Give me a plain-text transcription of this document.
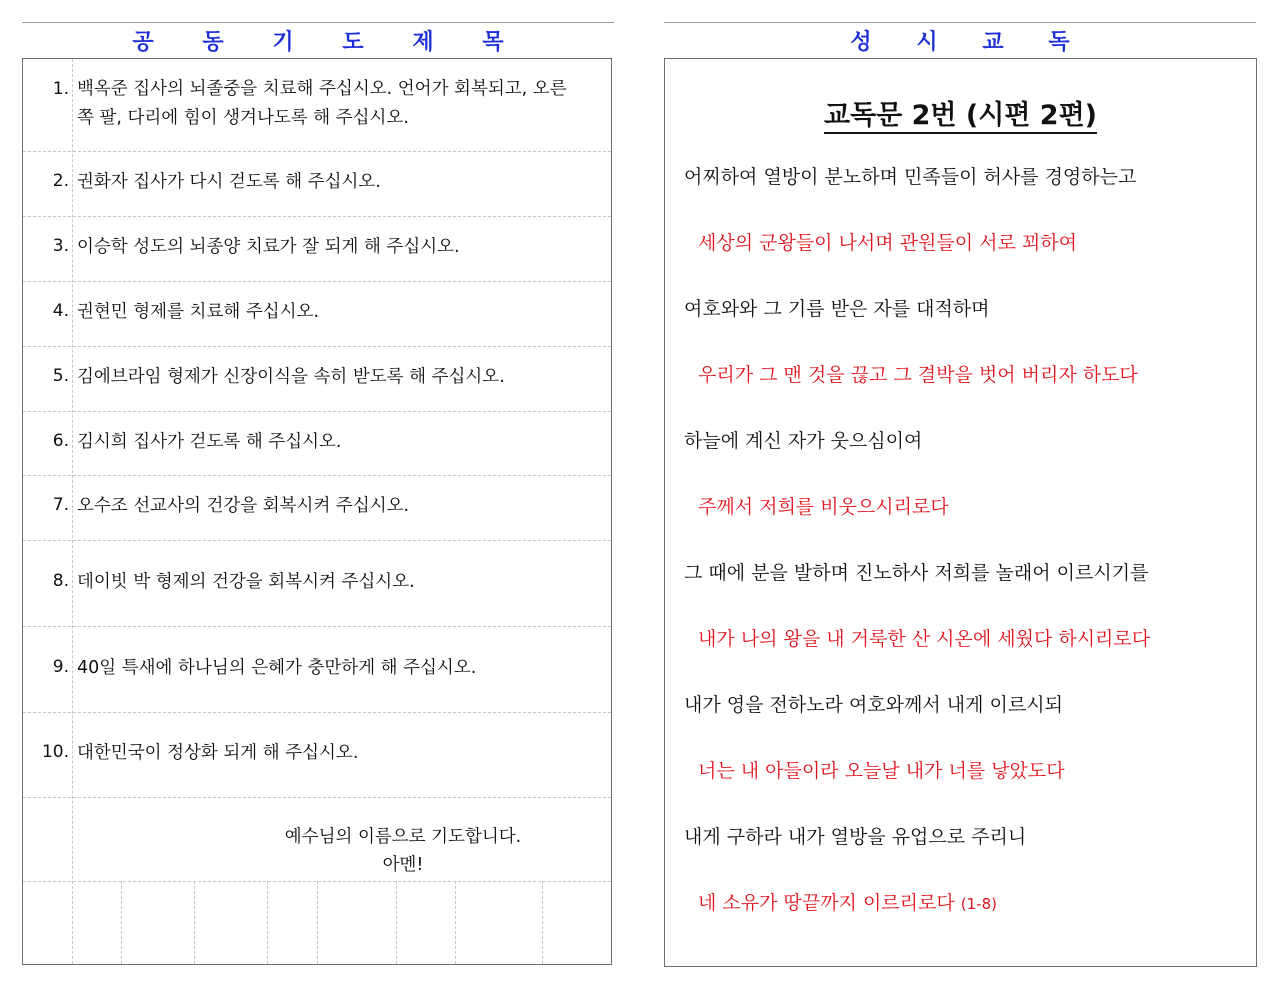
공	동	기	도	제	목
1. 백옥준 집사의 뇌졸중을 치료해 주십시오. 언어가 회복되고, 오른쪽 팔, 다리에 힘이 생겨나도록 해 주십시오.
2. 권화자 집사가 다시 걷도록 해 주십시오.
3. 이승학 성도의 뇌종양 치료가 잘 되게 해 주십시오.
4. 권현민 형제를 치료해 주십시오.
5. 김에브라임 형제가 신장이식을 속히 받도록 해 주십시오.
6. 김시희 집사가 걷도록 해 주십시오.
7. 오수조 선교사의 건강을 회복시켜 주십시오.
8. 데이빗 박 형제의 건강을 회복시켜 주십시오.
9. 40일 특새에 하나님의 은혜가 충만하게 해 주십시오.
10. 대한민국이 정상화 되게 해 주십시오.
예수님의 이름으로 기도합니다.
아멘!
성	시	교	독
교독문 2번 (시편 2편)
어찌하여 열방이 분노하며 민족들이 허사를 경영하는고
세상의 군왕들이 나서며 관원들이 서로 꾀하여
여호와와 그 기름 받은 자를 대적하며
우리가 그 맨 것을 끊고 그 결박을 벗어 버리자 하도다
하늘에 계신 자가 웃으심이여
주께서 저희를 비웃으시리로다
그 때에 분을 발하며 진노하사 저희를 놀래어 이르시기를
내가 나의 왕을 내 거룩한 산 시온에 세웠다 하시리로다
내가 영을 전하노라 여호와께서 내게 이르시되
너는 내 아들이라 오늘날 내가 너를 낳았도다
내게 구하라 내가 열방을 유업으로 주리니
네 소유가 땅끝까지 이르리로다 (1-8)
